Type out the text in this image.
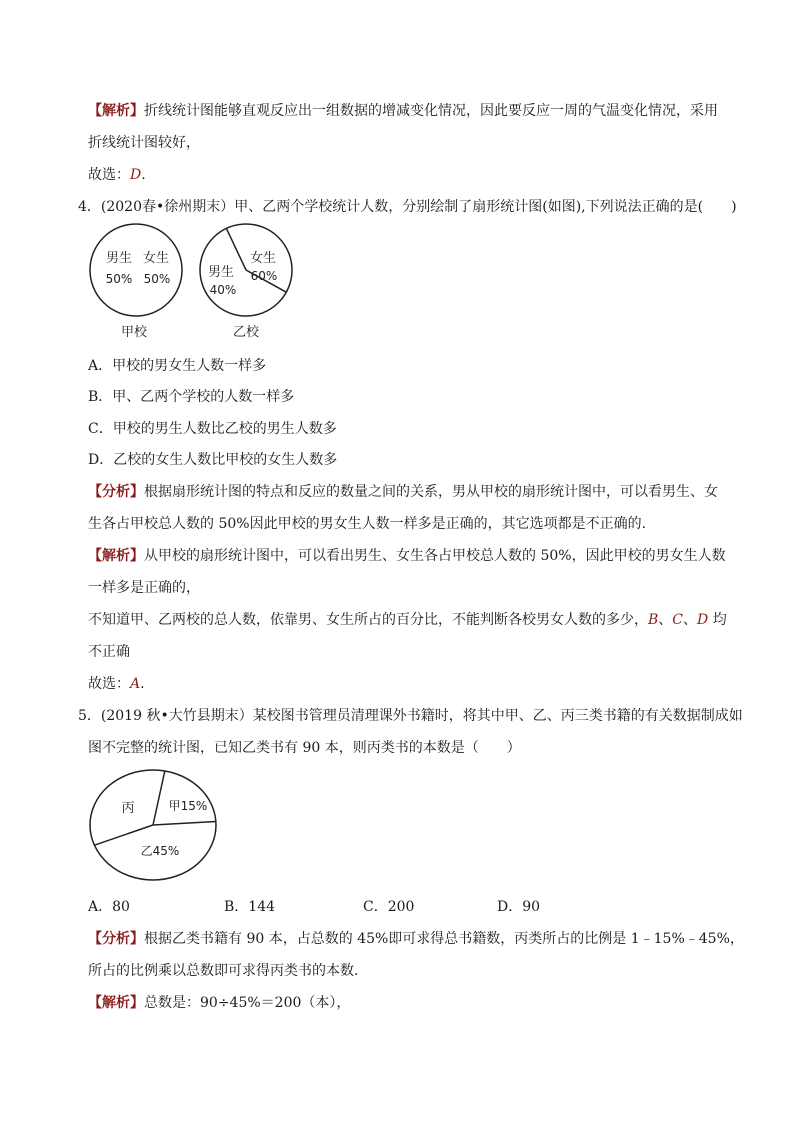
【解析】折线统计图能够直观反应出一组数据的增减变化情况，因此要反应一周的气温变化情况，采用
折线统计图较好，
故选：D.
4．(2020春•徐州期末）甲、乙两个学校统计人数，分别绘制了扇形统计图(如图),下列说法正确的是(　　)
男生
50%
女生
50%
甲校
男生
40%
女生
60%
乙校
A．甲校的男女生人数一样多
B．甲、乙两个学校的人数一样多
C．甲校的男生人数比乙校的男生人数多
D．乙校的女生人数比甲校的女生人数多
【分析】根据扇形统计图的特点和反应的数量之间的关系，男从甲校的扇形统计图中，可以看男生、女
生各占甲校总人数的 50%因此甲校的男女生人数一样多是正确的，其它选项都是不正确的.
【解析】从甲校的扇形统计图中，可以看出男生、女生各占甲校总人数的 50%，因此甲校的男女生人数
一样多是正确的，
不知道甲、乙两校的总人数，依靠男、女生所占的百分比，不能判断各校男女人数的多少，B、C、D 均
不正确
故选：A.
5．(2019 秋•大竹县期末）某校图书管理员清理课外书籍时，将其中甲、乙、丙三类书籍的有关数据制成如
图不完整的统计图，已知乙类书有 90 本，则丙类书的本数是（　　）
丙	甲15%
乙45%
A．80	B．144	C．200	D．90
【分析】根据乙类书籍有 90 本，占总数的 45%即可求得总书籍数，丙类所占的比例是 1﹣15%﹣45%，
所占的比例乘以总数即可求得丙类书的本数．
【解析】总数是：90÷45%＝200（本），
